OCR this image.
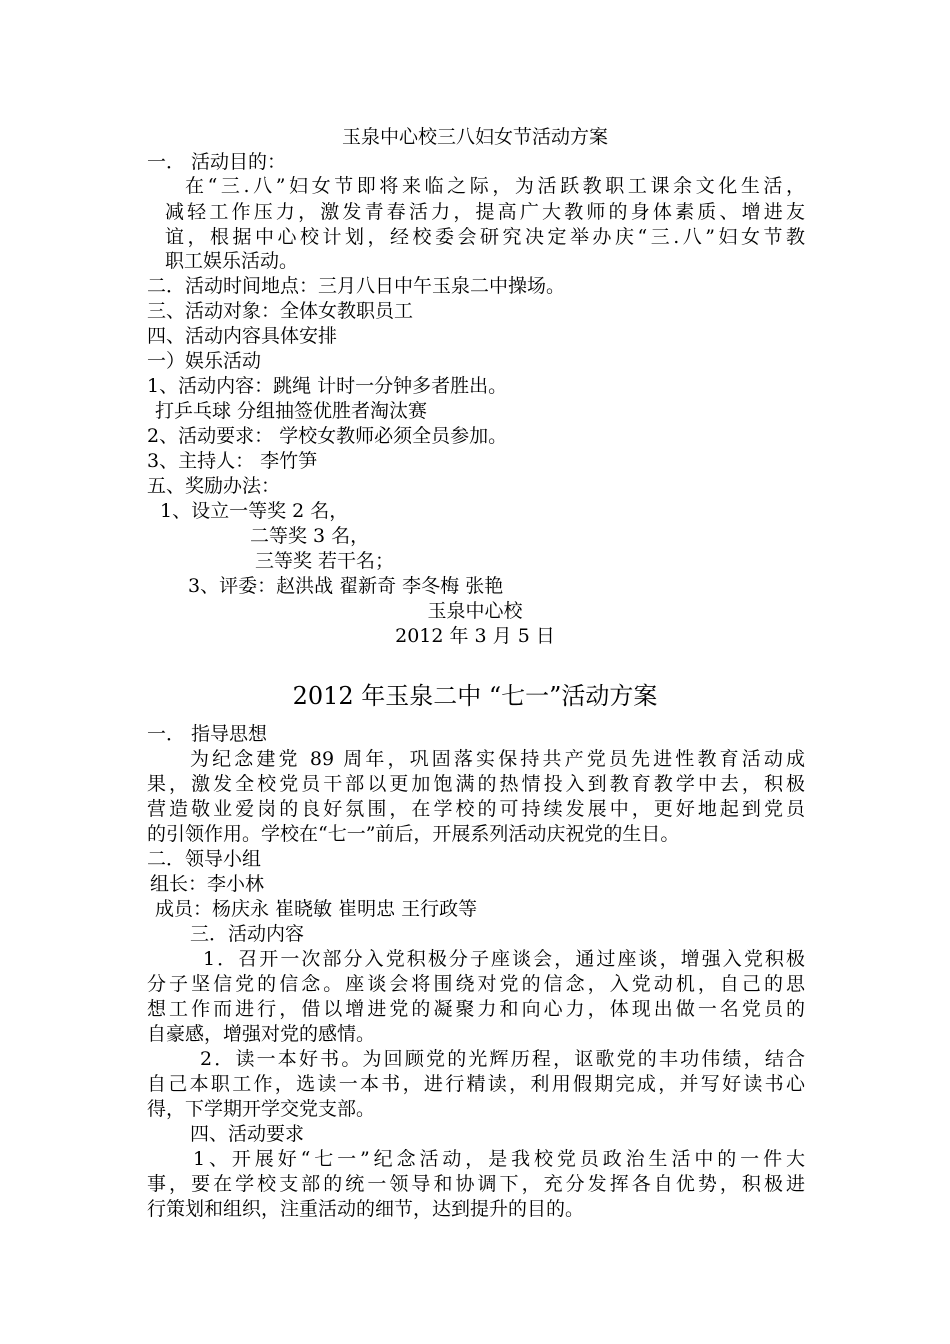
玉泉中心校三八妇女节活动方案
一． 活动目的：
在“三.八”妇女节即将来临之际，为活跃教职工课余文化生活，
减轻工作压力，激发青春活力，提高广大教师的身体素质、增进友
谊，根据中心校计划，经校委会研究决定举办庆“三.八”妇女节教
职工娱乐活动。
二．活动时间地点：三月八日中午玉泉二中操场。
三、活动对象：全体女教职员工
四、活动内容具体安排
一）娱乐活动
1、活动内容：跳绳 计时一分钟多者胜出。
打乒乓球 分组抽签优胜者淘汰赛
2、活动要求： 学校女教师必须全员参加。
3、主持人： 李竹笋
五、奖励办法：
1、设立一等奖 2 名，
二等奖 3 名，
三等奖 若干名；
3、评委：赵洪战 翟新奇 李冬梅 张艳
玉泉中心校
2012 年 3 月 5 日
2012 年玉泉二中 “七一”活动方案
一． 指导思想
为纪念建党 89 周年，巩固落实保持共产党员先进性教育活动成
果，激发全校党员干部以更加饱满的热情投入到教育教学中去，积极
营造敬业爱岗的良好氛围，在学校的可持续发展中，更好地起到党员
的引领作用。学校在“七一”前后，开展系列活动庆祝党的生日。
二．领导小组
组长：李小林
成员：杨庆永 崔晓敏 崔明忠 王行政等
三．活动内容
1．召开一次部分入党积极分子座谈会，通过座谈，增强入党积极
分子坚信党的信念。座谈会将围绕对党的信念，入党动机，自己的思
想工作而进行，借以增进党的凝聚力和向心力，体现出做一名党员的
自豪感，增强对党的感情。
2．读一本好书。为回顾党的光辉历程，讴歌党的丰功伟绩，结合
自己本职工作，选读一本书，进行精读，利用假期完成，并写好读书心
得，下学期开学交党支部。
四、活动要求
1、开展好“七一”纪念活动，是我校党员政治生活中的一件大
事，要在学校支部的统一领导和协调下，充分发挥各自优势，积极进
行策划和组织，注重活动的细节，达到提升的目的。
